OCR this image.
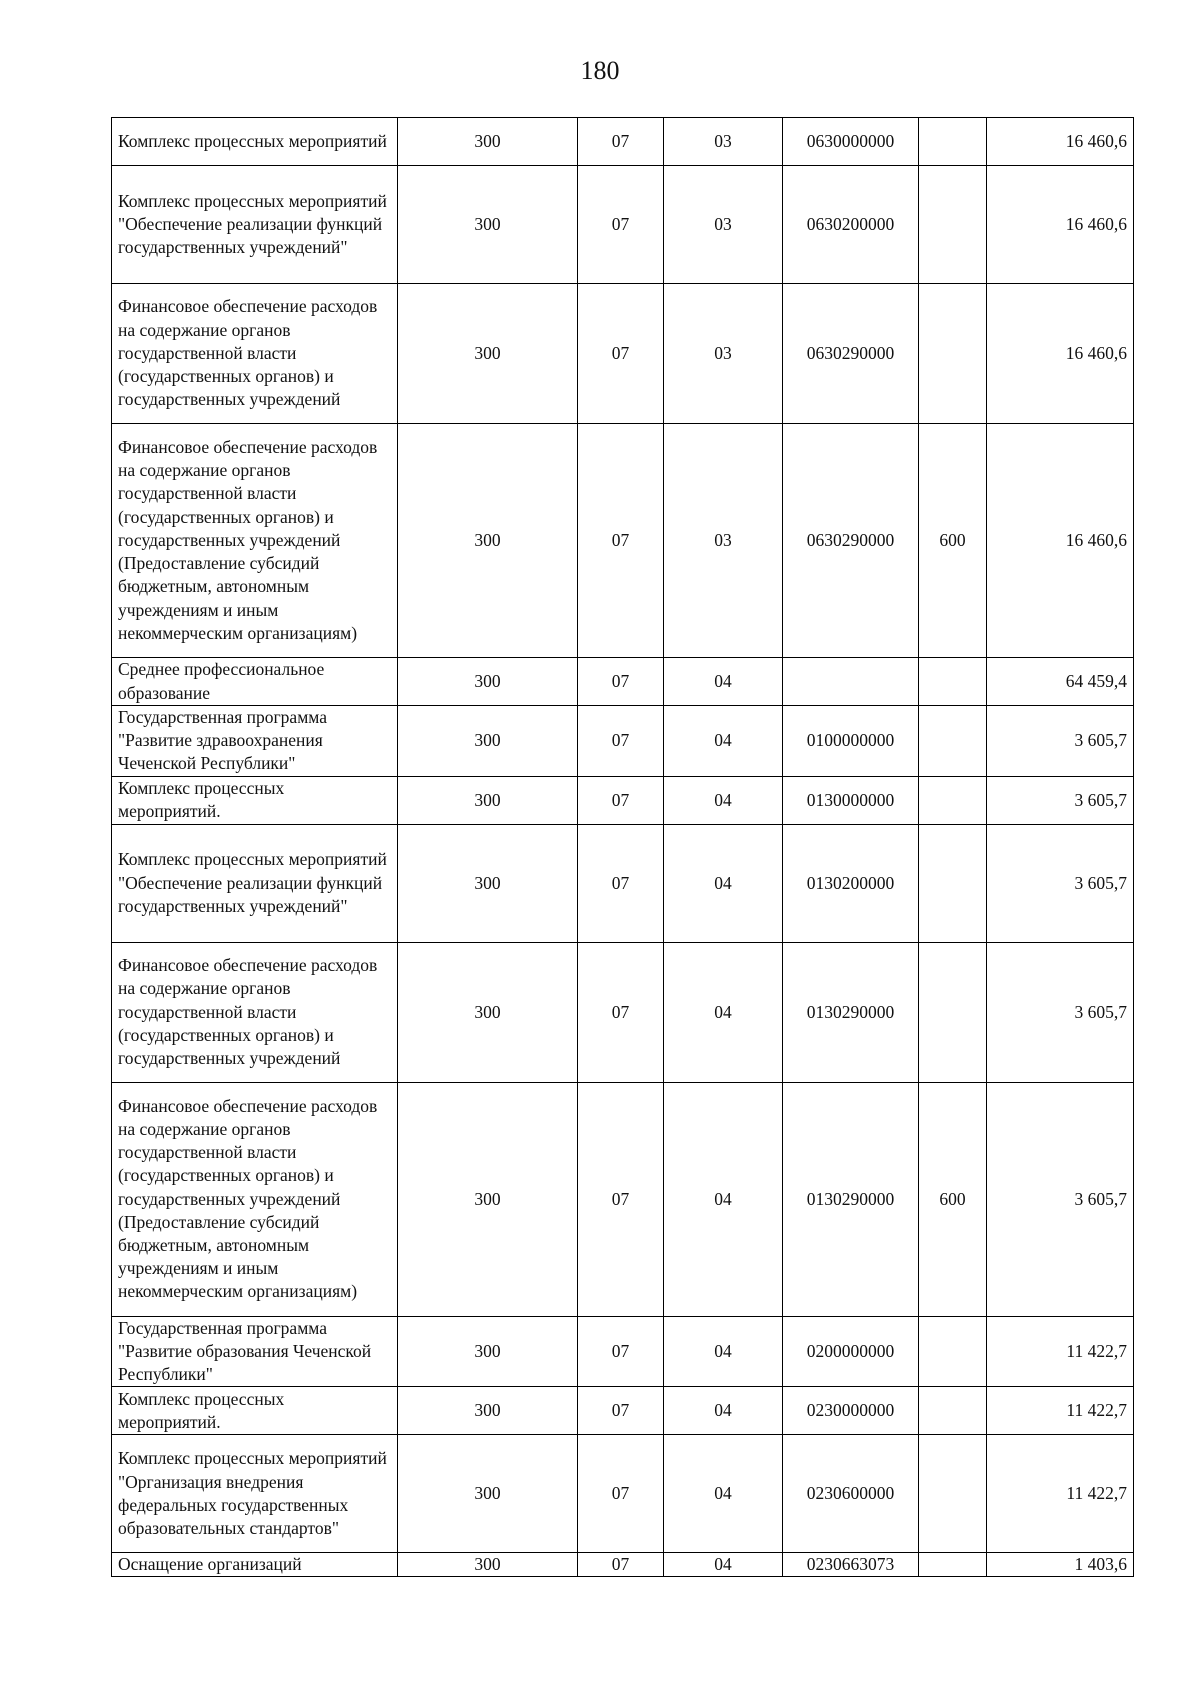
180
Комплекс процессных мероприятий	300	07	03	0630000000		16 460,6
Комплекс процессных мероприятий "Обеспечение реализации функций государственных учреждений"	300	07	03	0630200000		16 460,6
Финансовое обеспечение расходов на содержание органов государственной власти (государственных органов) и государственных учреждений	300	07	03	0630290000		16 460,6
Финансовое обеспечение расходов на содержание органов государственной власти (государственных органов) и государственных учреждений (Предоставление субсидий бюджетным, автономным учреждениям и иным некоммерческим организациям)	300	07	03	0630290000	600	16 460,6
Среднее профессиональное образование	300	07	04			64 459,4
Государственная программа "Развитие здравоохранения Чеченской Республики"	300	07	04	0100000000		3 605,7
Комплекс процессных мероприятий.	300	07	04	0130000000		3 605,7
Комплекс процессных мероприятий "Обеспечение реализации функций государственных учреждений"	300	07	04	0130200000		3 605,7
Финансовое обеспечение расходов на содержание органов государственной власти (государственных органов) и государственных учреждений	300	07	04	0130290000		3 605,7
Финансовое обеспечение расходов на содержание органов государственной власти (государственных органов) и государственных учреждений (Предоставление субсидий бюджетным, автономным учреждениям и иным некоммерческим организациям)	300	07	04	0130290000	600	3 605,7
Государственная программа "Развитие образования Чеченской Республики"	300	07	04	0200000000		11 422,7
Комплекс процессных мероприятий.	300	07	04	0230000000		11 422,7
Комплекс процессных мероприятий "Организация внедрения федеральных государственных образовательных стандартов"	300	07	04	0230600000		11 422,7
Оснащение организаций	300	07	04	0230663073		1 403,6
